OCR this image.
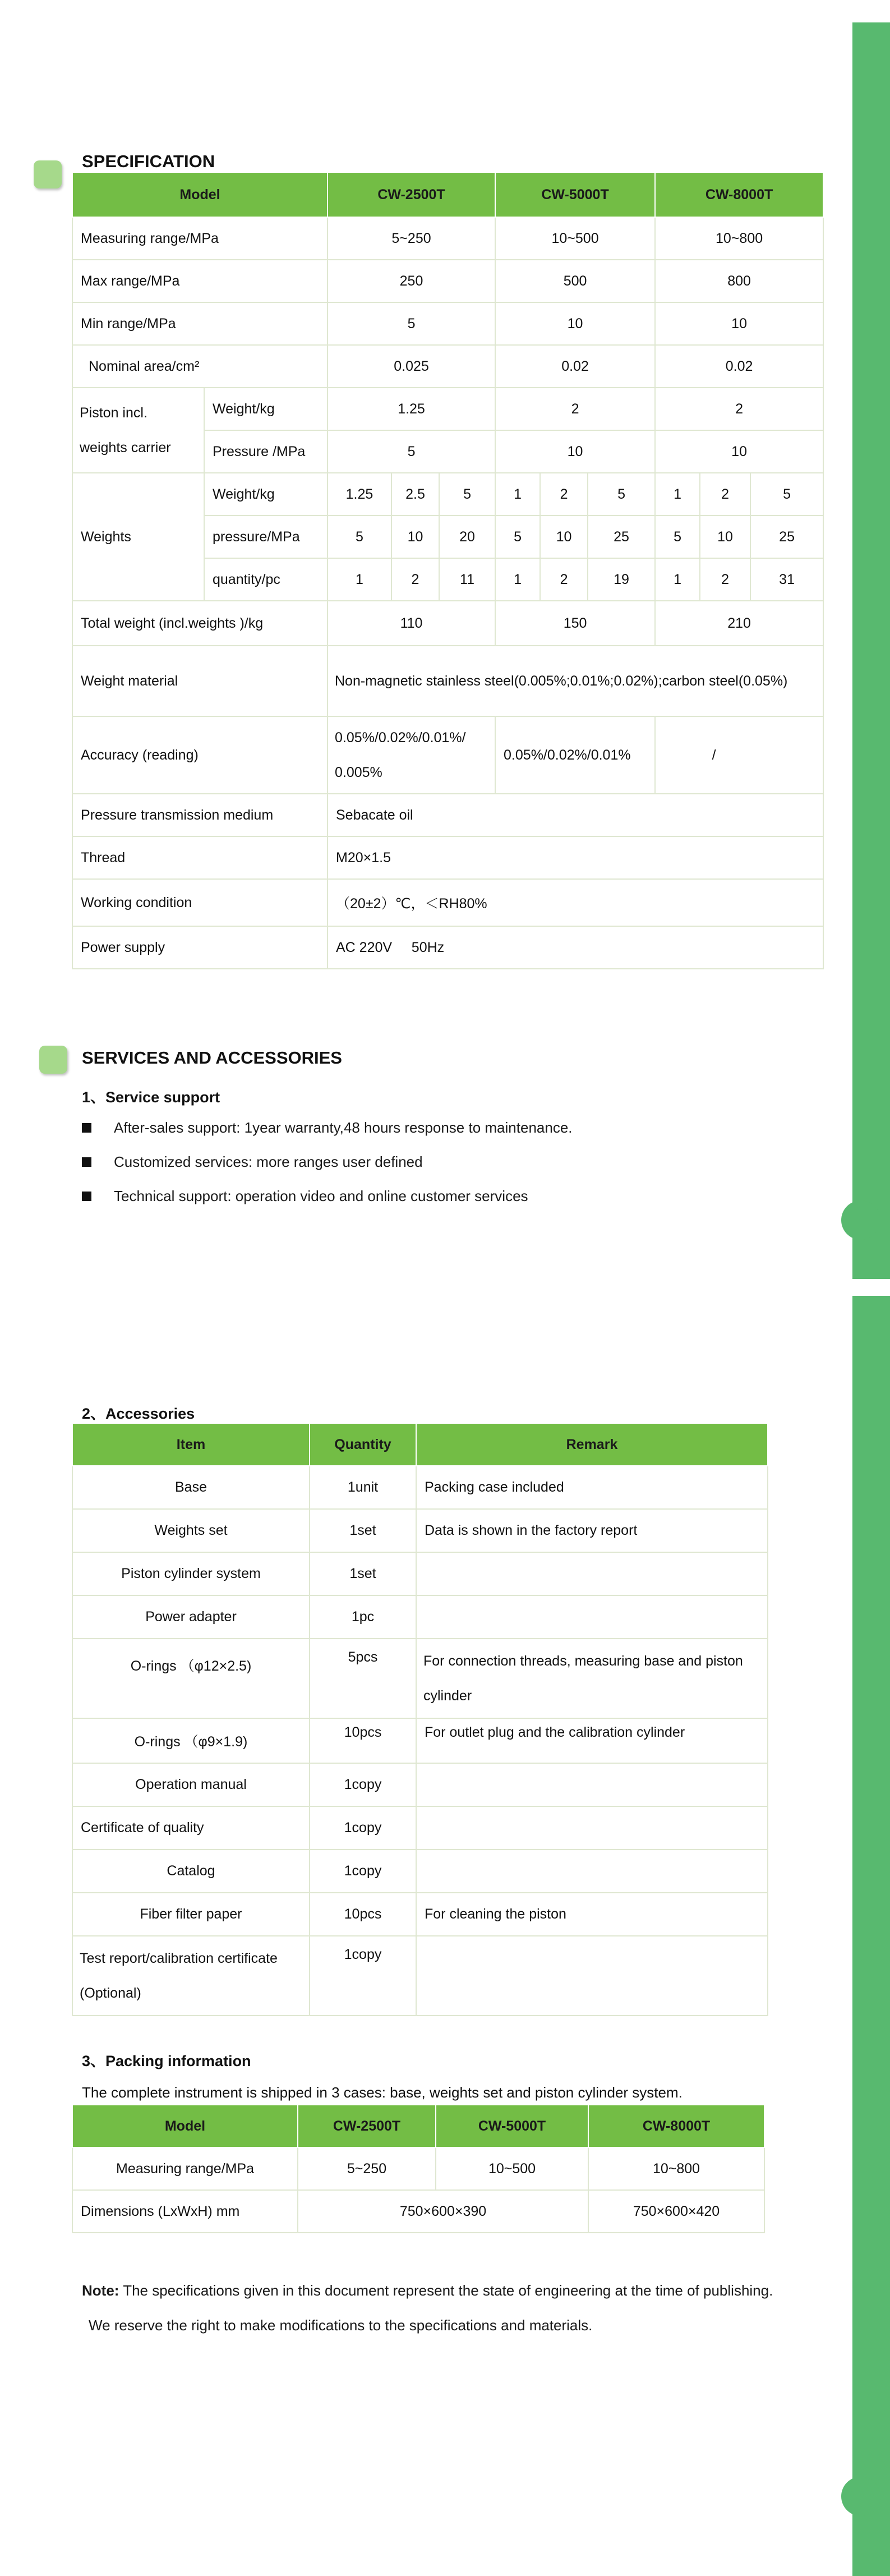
SPECIFICATION
Model		CW-2500T			CW-5000T			CW-8000T		
Measuring range/MPa		5~250			10~500			10~800		
Max range/MPa		250			500			800		
Min range/MPa		5			10			10		
Nominal area/cm²		0.025			0.02			0.02		
Piston incl. weights carrier	Weight/kg	1.25			2			2		
	Pressure /MPa	5			10			10		
Weights	Weight/kg	1.25	2.5	5	1	2	5	1	2	5
	pressure/MPa	5	10	20	5	10	25	5	10	25
	quantity/pc	1	2	11	1	2	19	1	2	31
Total weight (incl.weights )/kg		110			150			210		
Weight material		Non-magnetic stainless steel(0.005%;0.01%;0.02%);carbon steel(0.05%)								
Accuracy (reading)		0.05%/0.02%/0.01%/ 0.005%			0.05%/0.02%/0.01%			/		
Pressure transmission medium		Sebacate oil								
Thread		M20×1.5								
Working condition		（20±2）℃，＜RH80%								
Power supply		AC 220V     50Hz								
SERVICES AND ACCESSORIES
1、Service support
After-sales support: 1year warranty,48 hours response to maintenance.
Customized services: more ranges user defined
Technical support: operation video and online customer services
2、Accessories
Item	Quantity	Remark
Base	1unit	Packing case included
Weights set	1set	Data is shown in the factory report
Piston cylinder system	1set	
Power adapter	1pc	
O-rings （φ12×2.5)	5pcs	For connection threads, measuring base and piston cylinder
O-rings （φ9×1.9)	10pcs	For outlet plug and the calibration cylinder
Operation manual	1copy	
Certificate of quality	1copy	
Catalog	1copy	
Fiber filter paper	10pcs	For cleaning the piston
Test report/calibration certificate (Optional)	1copy	
3、Packing information
The complete instrument is shipped in 3 cases: base, weights set and piston cylinder system.
Model	CW-2500T	CW-5000T	CW-8000T
Measuring range/MPa	5~250	10~500	10~800
Dimensions (LxWxH) mm	750×600×390		750×600×420
Note: The specifications given in this document represent the state of engineering at the time of publishing.
We reserve the right to make modifications to the specifications and materials.
